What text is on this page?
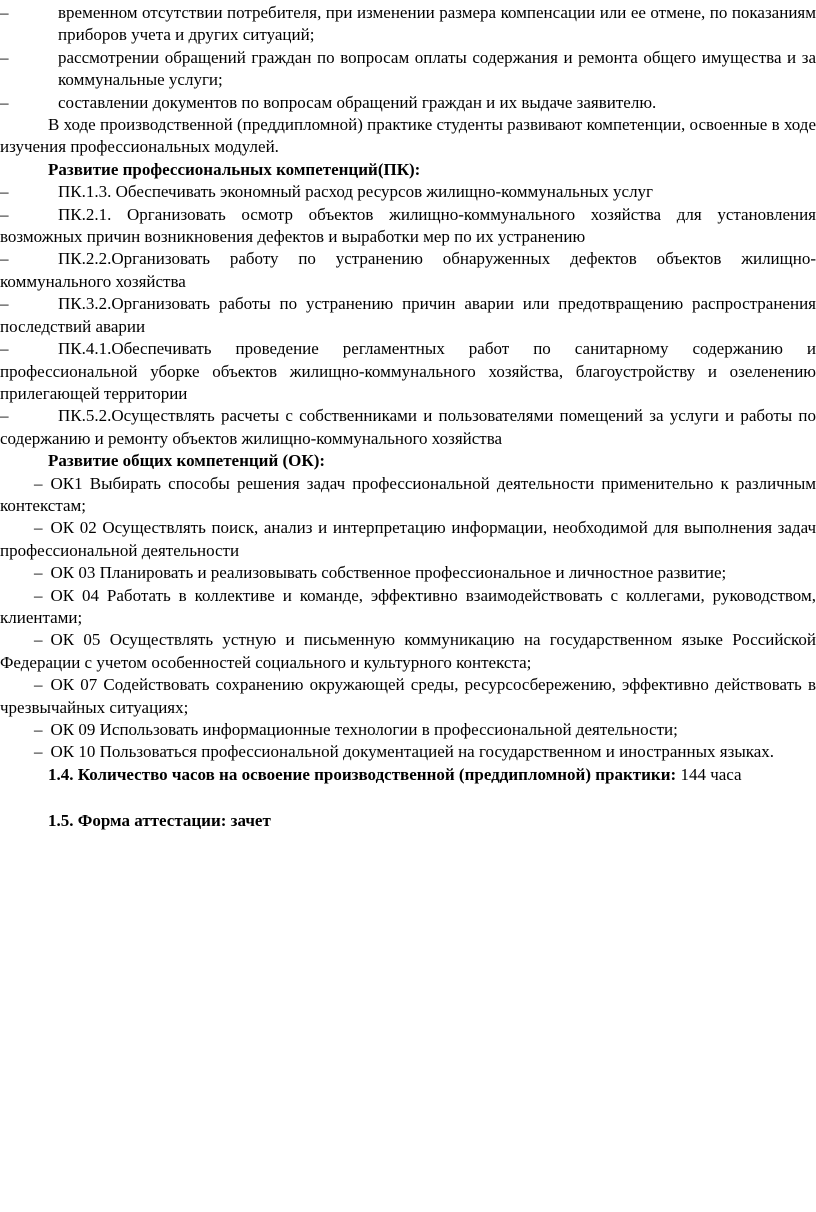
–	временном отсутствии потребителя, при изменении размера компенсации или ее отмене, по показаниям приборов учета и других ситуаций;

–	рассмотрении обращений граждан по вопросам оплаты содержания и ремонта общего имущества и за коммунальные услуги;

–	составлении документов по вопросам обращений граждан и их выдаче заявителю.

В ходе производственной (преддипломной) практике студенты развивают компетенции, освоенные в ходе изучения профессиональных модулей.

Развитие профессиональных компетенций(ПК):

–	ПК.1.3. Обеспечивать экономный расход ресурсов жилищно-коммунальных услуг

–	ПК.2.1. Организовать осмотр объектов жилищно-коммунального хозяйства для установления возможных причин возникновения дефектов и выработки мер по их устранению

–	ПК.2.2.Организовать работу по устранению обнаруженных дефектов объектов жилищно-коммунального хозяйства

–	ПК.3.2.Организовать работы по устранению причин аварии или предотвращению распространения последствий аварии

–	ПК.4.1.Обеспечивать проведение регламентных работ по санитарному содержанию и профессиональной уборке объектов жилищно-коммунального хозяйства, благоустройству и озеленению прилегающей территории

–	ПК.5.2.Осуществлять расчеты с собственниками и пользователями помещений за услуги и работы по содержанию и ремонту объектов жилищно-коммунального хозяйства

Развитие общих компетенций (ОК):

– ОК1 Выбирать способы решения задач профессиональной деятельности применительно к различным контекстам;

– ОК 02 Осуществлять поиск, анализ и интерпретацию информации, необходимой для выполнения задач профессиональной деятельности

– ОК 03 Планировать и реализовывать собственное профессиональное и личностное развитие;

– ОК 04 Работать в коллективе и команде, эффективно взаимодействовать с коллегами, руководством, клиентами;

– ОК 05 Осуществлять устную и письменную коммуникацию на государственном языке Российской Федерации с учетом особенностей социального и культурного контекста;

– ОК 07 Содействовать сохранению окружающей среды, ресурсосбережению, эффективно действовать в чрезвычайных ситуациях;

– ОК 09 Использовать информационные технологии в профессиональной деятельности;

– ОК 10 Пользоваться профессиональной документацией на государственном и иностранных языках.

1.4. Количество часов на освоение производственной (преддипломной) практики: 144 часа

1.5. Форма аттестации: зачет
